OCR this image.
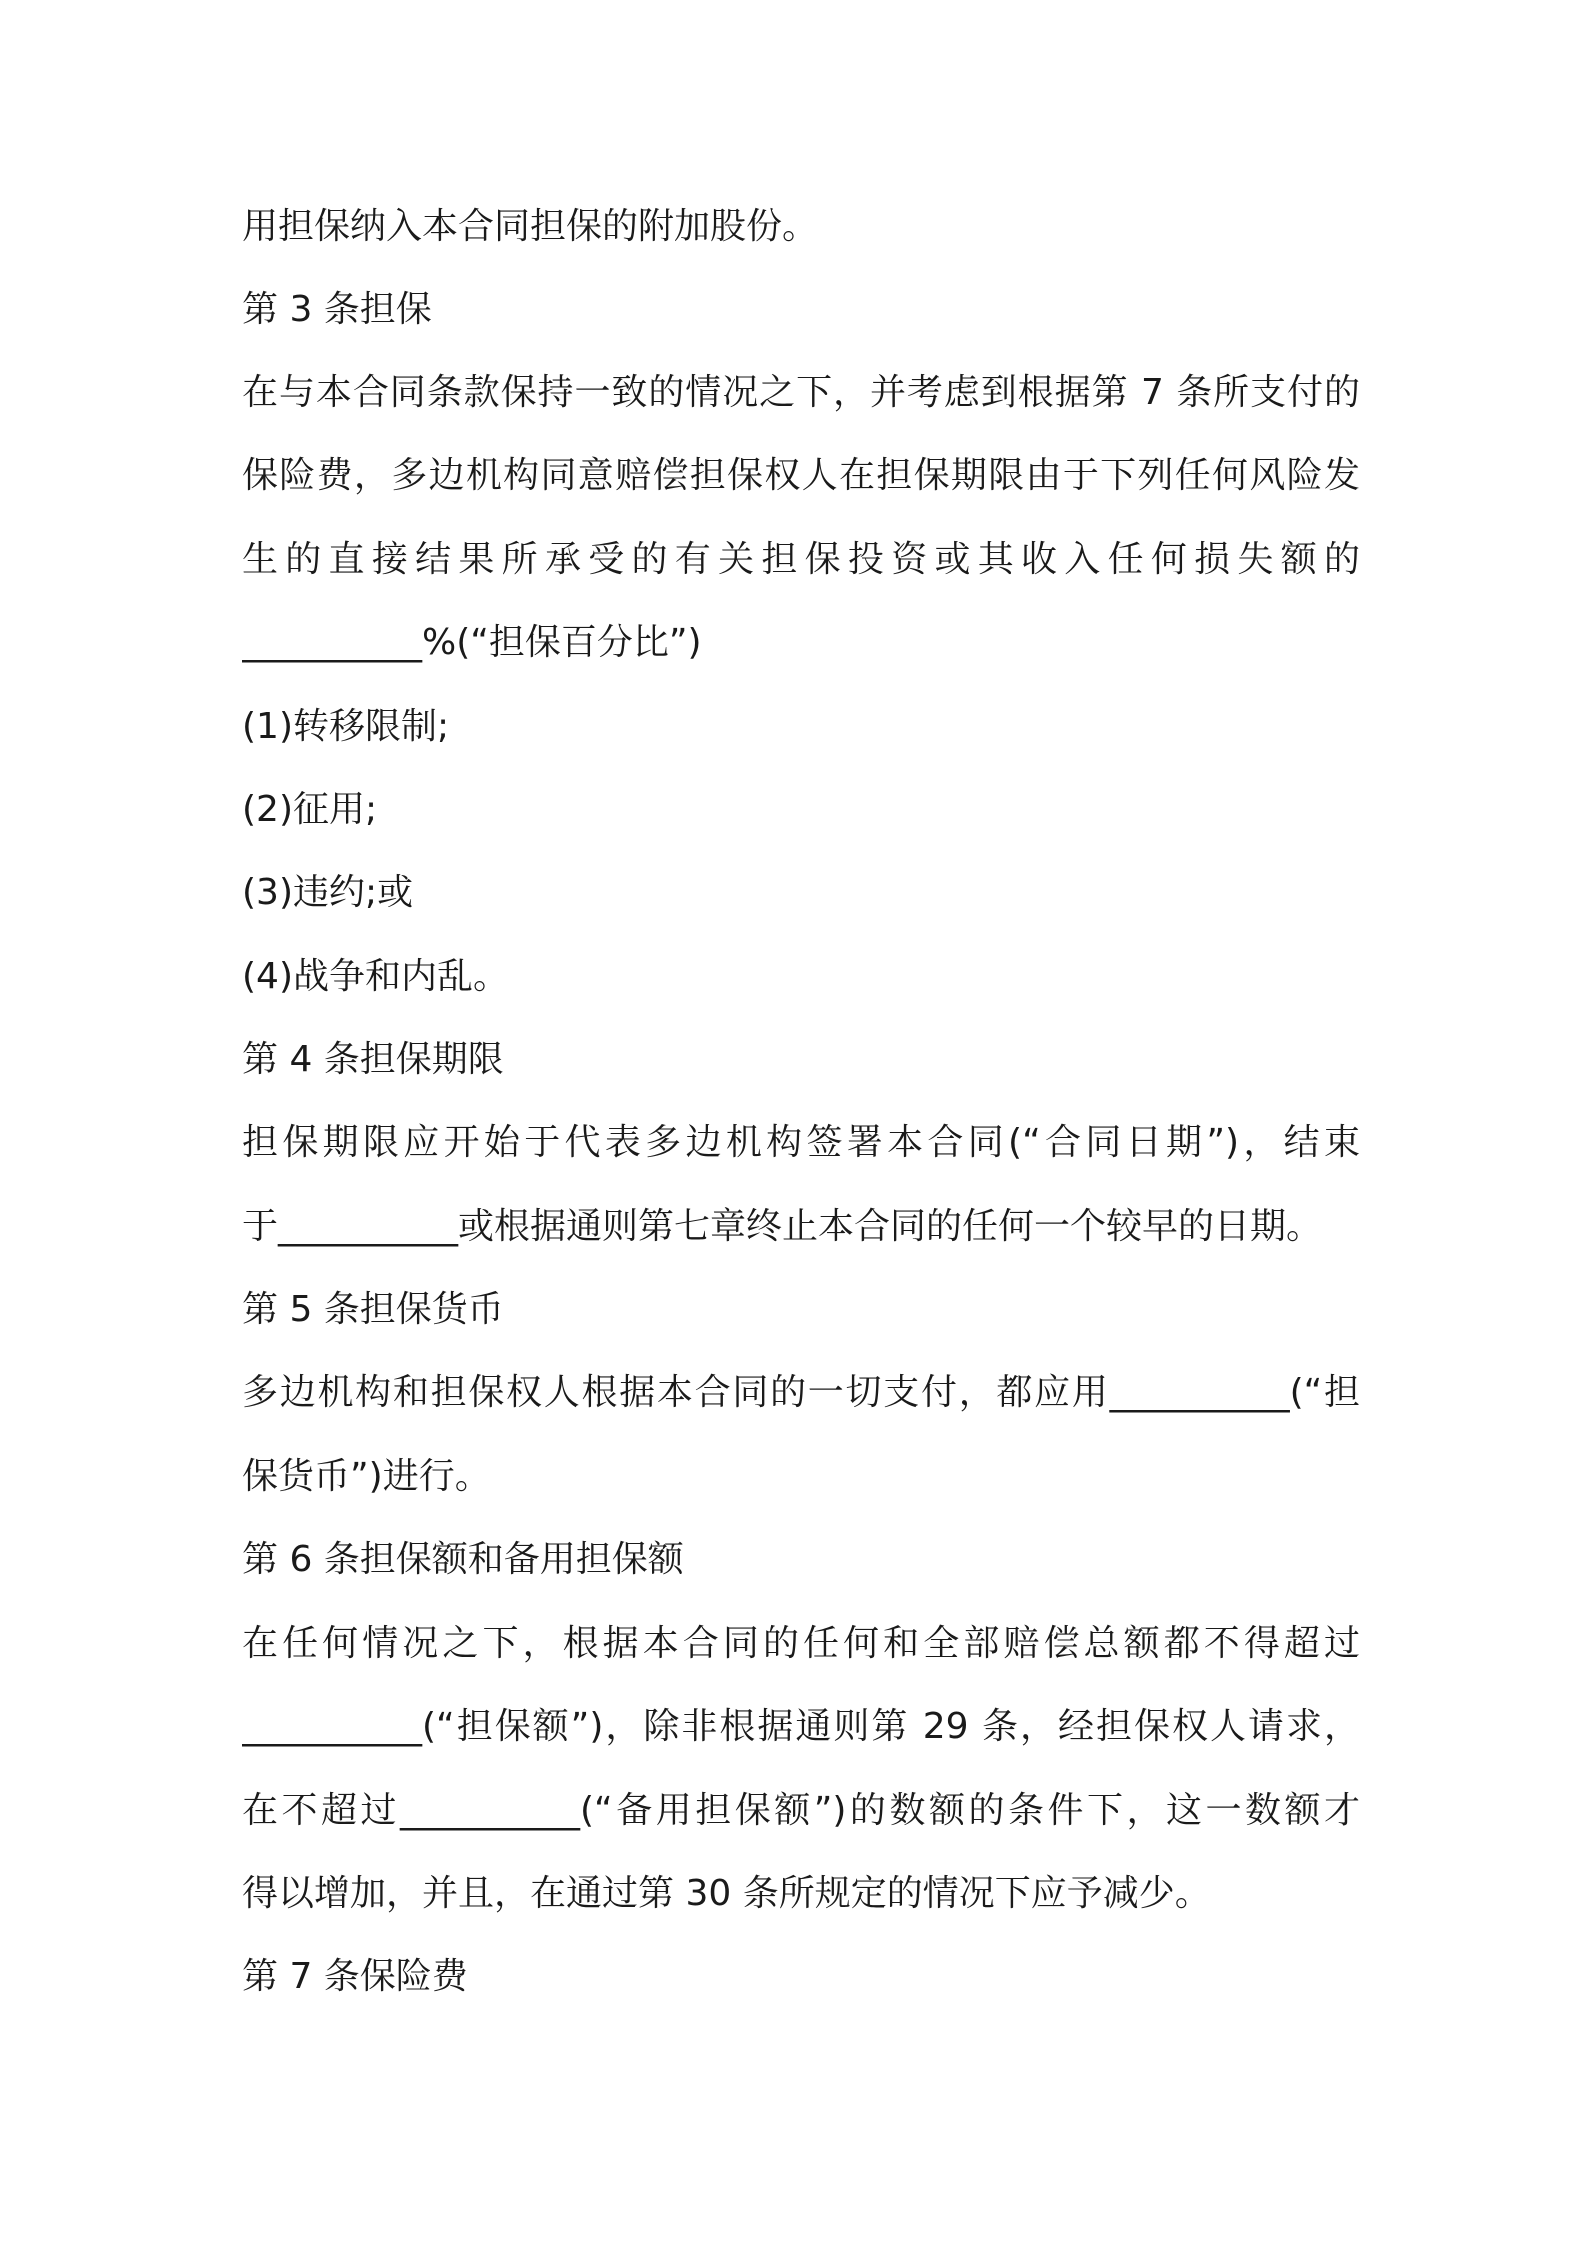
用担保纳入本合同担保的附加股份。
第 3 条担保
在与本合同条款保持一致的情况之下，并考虑到根据第 7 条所支付的
保险费，多边机构同意赔偿担保权人在担保期限由于下列任何风险发
生的直接结果所承受的有关担保投资或其收入任何损失额的
__________%(“担保百分比”)
(1)转移限制;
(2)征用;
(3)违约;或
(4)战争和内乱。
第 4 条担保期限
担保期限应开始于代表多边机构签署本合同(“合同日期”)，结束
于__________或根据通则第七章终止本合同的任何一个较早的日期。
第 5 条担保货币
多边机构和担保权人根据本合同的一切支付，都应用__________(“担
保货币”)进行。
第 6 条担保额和备用担保额
在任何情况之下，根据本合同的任何和全部赔偿总额都不得超过
__________(“担保额”)，除非根据通则第 29 条，经担保权人请求，
在不超过__________(“备用担保额”)的数额的条件下，这一数额才
得以增加，并且，在通过第 30 条所规定的情况下应予减少。
第 7 条保险费
